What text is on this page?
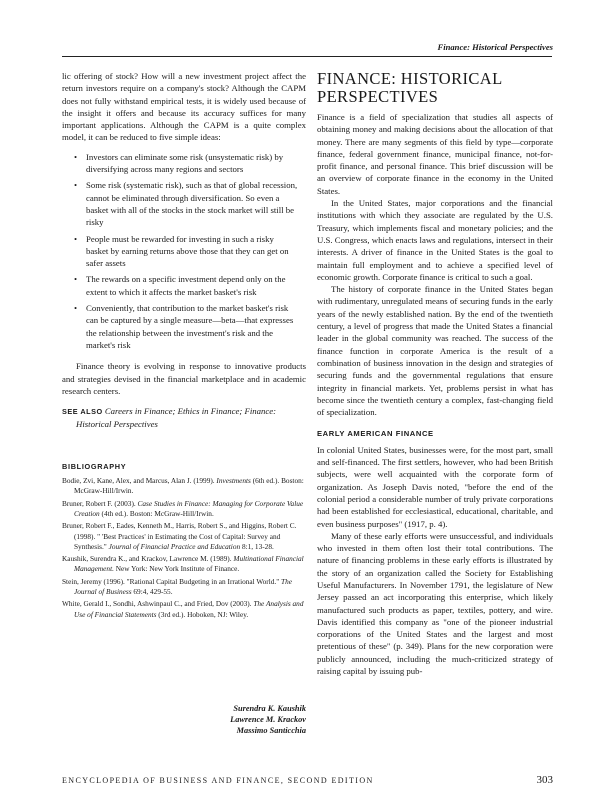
Finance: Historical Perspectives

lic offering of stock? How will a new investment project affect the return investors require on a company's stock? Although the CAPM does not fully withstand empirical tests, it is widely used because of the insight it offers and because its accuracy suffices for many important applications. Although the CAPM is a quite complex model, it can be reduced to five simple ideas:

• Investors can eliminate some risk (unsystematic risk) by diversifying across many regions and sectors
• Some risk (systematic risk), such as that of global recession, cannot be eliminated through diversification. So even a basket with all of the stocks in the stock market will still be risky
• People must be rewarded for investing in such a risky basket by earning returns above those that they can get on safer assets
• The rewards on a specific investment depend only on the extent to which it affects the market basket's risk
• Conveniently, that contribution to the market basket's risk can be captured by a single measure—beta—that expresses the relationship between the investment's risk and the market's risk

Finance theory is evolving in response to innovative products and strategies devised in the financial marketplace and in academic research centers.

SEE ALSO Careers in Finance; Ethics in Finance; Finance:
Historical Perspectives
BIBLIOGRAPHY

Bodie, Zvi, Kane, Alex, and Marcus, Alan J. (1999). Investments (6th ed.). Boston: McGraw-Hill/Irwin.

Bruner, Robert F. (2003). Case Studies in Finance: Managing for Corporate Value Creation (4th ed.). Boston: McGraw-Hill/Irwin.

Bruner, Robert F., Eades, Kenneth M., Harris, Robert S., and Higgins, Robert C. (1998). " 'Best Practices' in Estimating the Cost of Capital: Survey and Synthesis." Journal of Financial Practice and Education 8:1, 13-28.

Kaushik, Surendra K., and Krackov, Lawrence M. (1989). Multinational Financial Management. New York: New York Institute of Finance.

Stein, Jeremy (1996). "Rational Capital Budgeting in an Irrational World." The Journal of Business 69:4, 429-55.

White, Gerald I., Sondhi, Ashwinpaul C., and Fried, Dov (2003). The Analysis and Use of Financial Statements (3rd ed.). Hoboken, NJ: Wiley.

Surendra K. Kaushik
Lawrence M. Krackov
Massimo Santicchia
FINANCE: HISTORICAL
PERSPECTIVES

Finance is a field of specialization that studies all aspects of obtaining money and making decisions about the allocation of that money. There are many segments of this field by type—corporate finance, federal government finance, municipal finance, not-for-profit finance, and personal finance. This brief discussion will be an overview of corporate finance in the economy in the United States.

In the United States, major corporations and the financial institutions with which they associate are regulated by the U.S. Treasury, which implements fiscal and monetary policies; and the U.S. Congress, which enacts laws and regulations, intersect in their interests. A driver of finance in the United States is the goal to maintain full employment and to achieve a specified level of economic growth. Corporate finance is critical to such a goal.

The history of corporate finance in the United States began with rudimentary, unregulated means of securing funds in the early years of the newly established nation. By the end of the twentieth century, a level of progress that made the United States a financial leader in the global community was reached. The success of the finance function in corporate America is the result of a combination of business innovation in the design and strategies of securing funds and the governmental regulations that ensure integrity in financial markets. Yet, problems persist in what has become since the twentieth century a complex, fast-changing field of specialization.

EARLY AMERICAN FINANCE

In colonial United States, businesses were, for the most part, small and self-financed. The first settlers, however, who had been British subjects, were well acquainted with the corporate form of organization. As Joseph Davis noted, "before the end of the colonial period a considerable number of truly private corporations had been established for ecclesiastical, educational, charitable, and even business purposes" (1917, p. 4).

Many of these early efforts were unsuccessful, and individuals who invested in them often lost their total contributions. The nature of financing problems in these early efforts is illustrated by the story of an organization called the Society for Establishing Useful Manufacturers. In November 1791, the legislature of New Jersey passed an act incorporating this enterprise, which likely manufactured such products as paper, textiles, pottery, and wire. Davis identified this company as "one of the pioneer industrial corporations of the United States and the largest and most pretentious of these" (p. 349). Plans for the new corporation were publicly announced, including the much-criticized strategy of raising capital by issuing pub-

ENCYCLOPEDIA OF BUSINESS AND FINANCE, SECOND EDITION	303
